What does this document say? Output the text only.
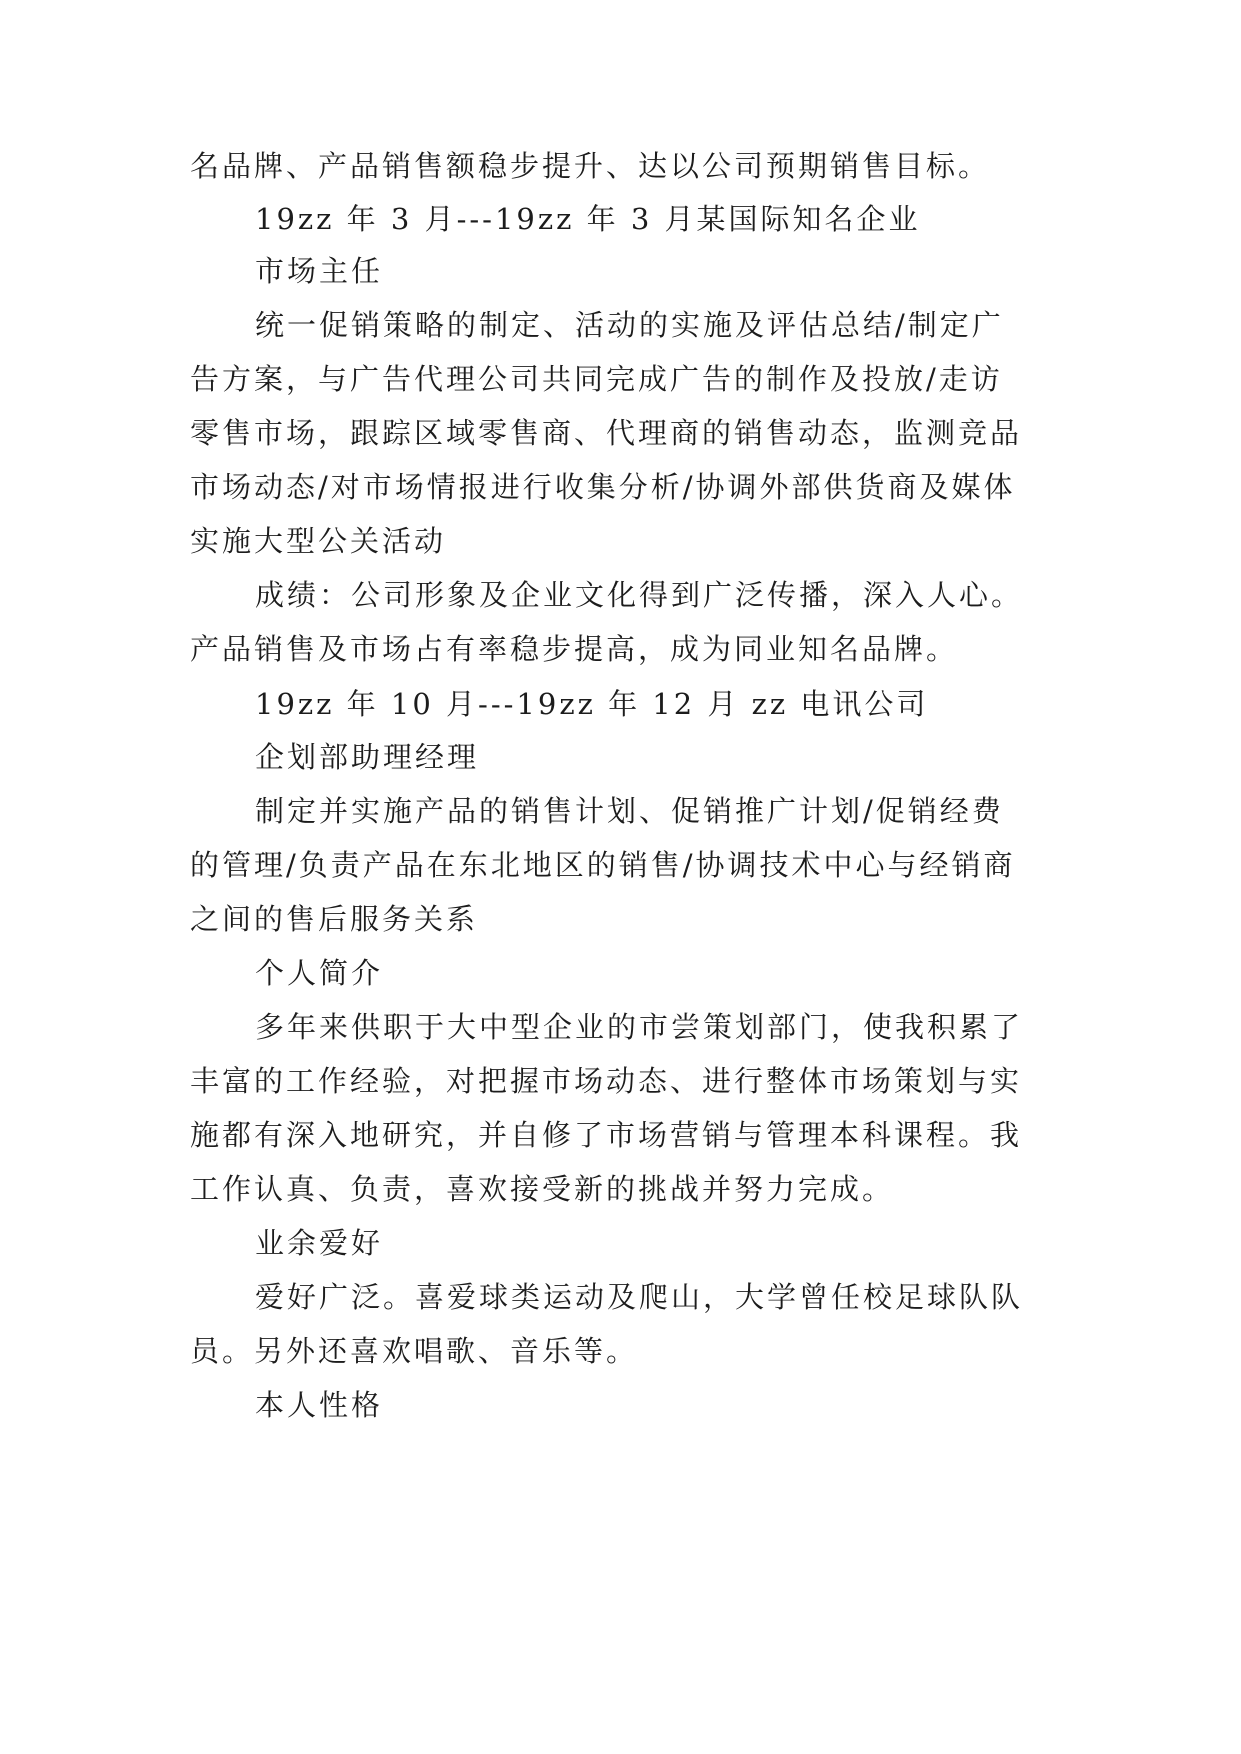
名品牌、产品销售额稳步提升、达以公司预期销售目标。

19zz 年 3 月---19zz 年 3 月某国际知名企业

市场主任

统一促销策略的制定、活动的实施及评估总结/制定广

告方案，与广告代理公司共同完成广告的制作及投放/走访

零售市场，跟踪区域零售商、代理商的销售动态，监测竞品

市场动态/对市场情报进行收集分析/协调外部供货商及媒体

实施大型公关活动

成绩：公司形象及企业文化得到广泛传播，深入人心。

产品销售及市场占有率稳步提高，成为同业知名品牌。

19zz 年 10 月---19zz 年 12 月 zz 电讯公司

企划部助理经理

制定并实施产品的销售计划、促销推广计划/促销经费

的管理/负责产品在东北地区的销售/协调技术中心与经销商

之间的售后服务关系

个人简介

多年来供职于大中型企业的市尝策划部门，使我积累了

丰富的工作经验，对把握市场动态、进行整体市场策划与实

施都有深入地研究，并自修了市场营销与管理本科课程。我

工作认真、负责，喜欢接受新的挑战并努力完成。

业余爱好

爱好广泛。喜爱球类运动及爬山，大学曾任校足球队队

员。另外还喜欢唱歌、音乐等。

本人性格
